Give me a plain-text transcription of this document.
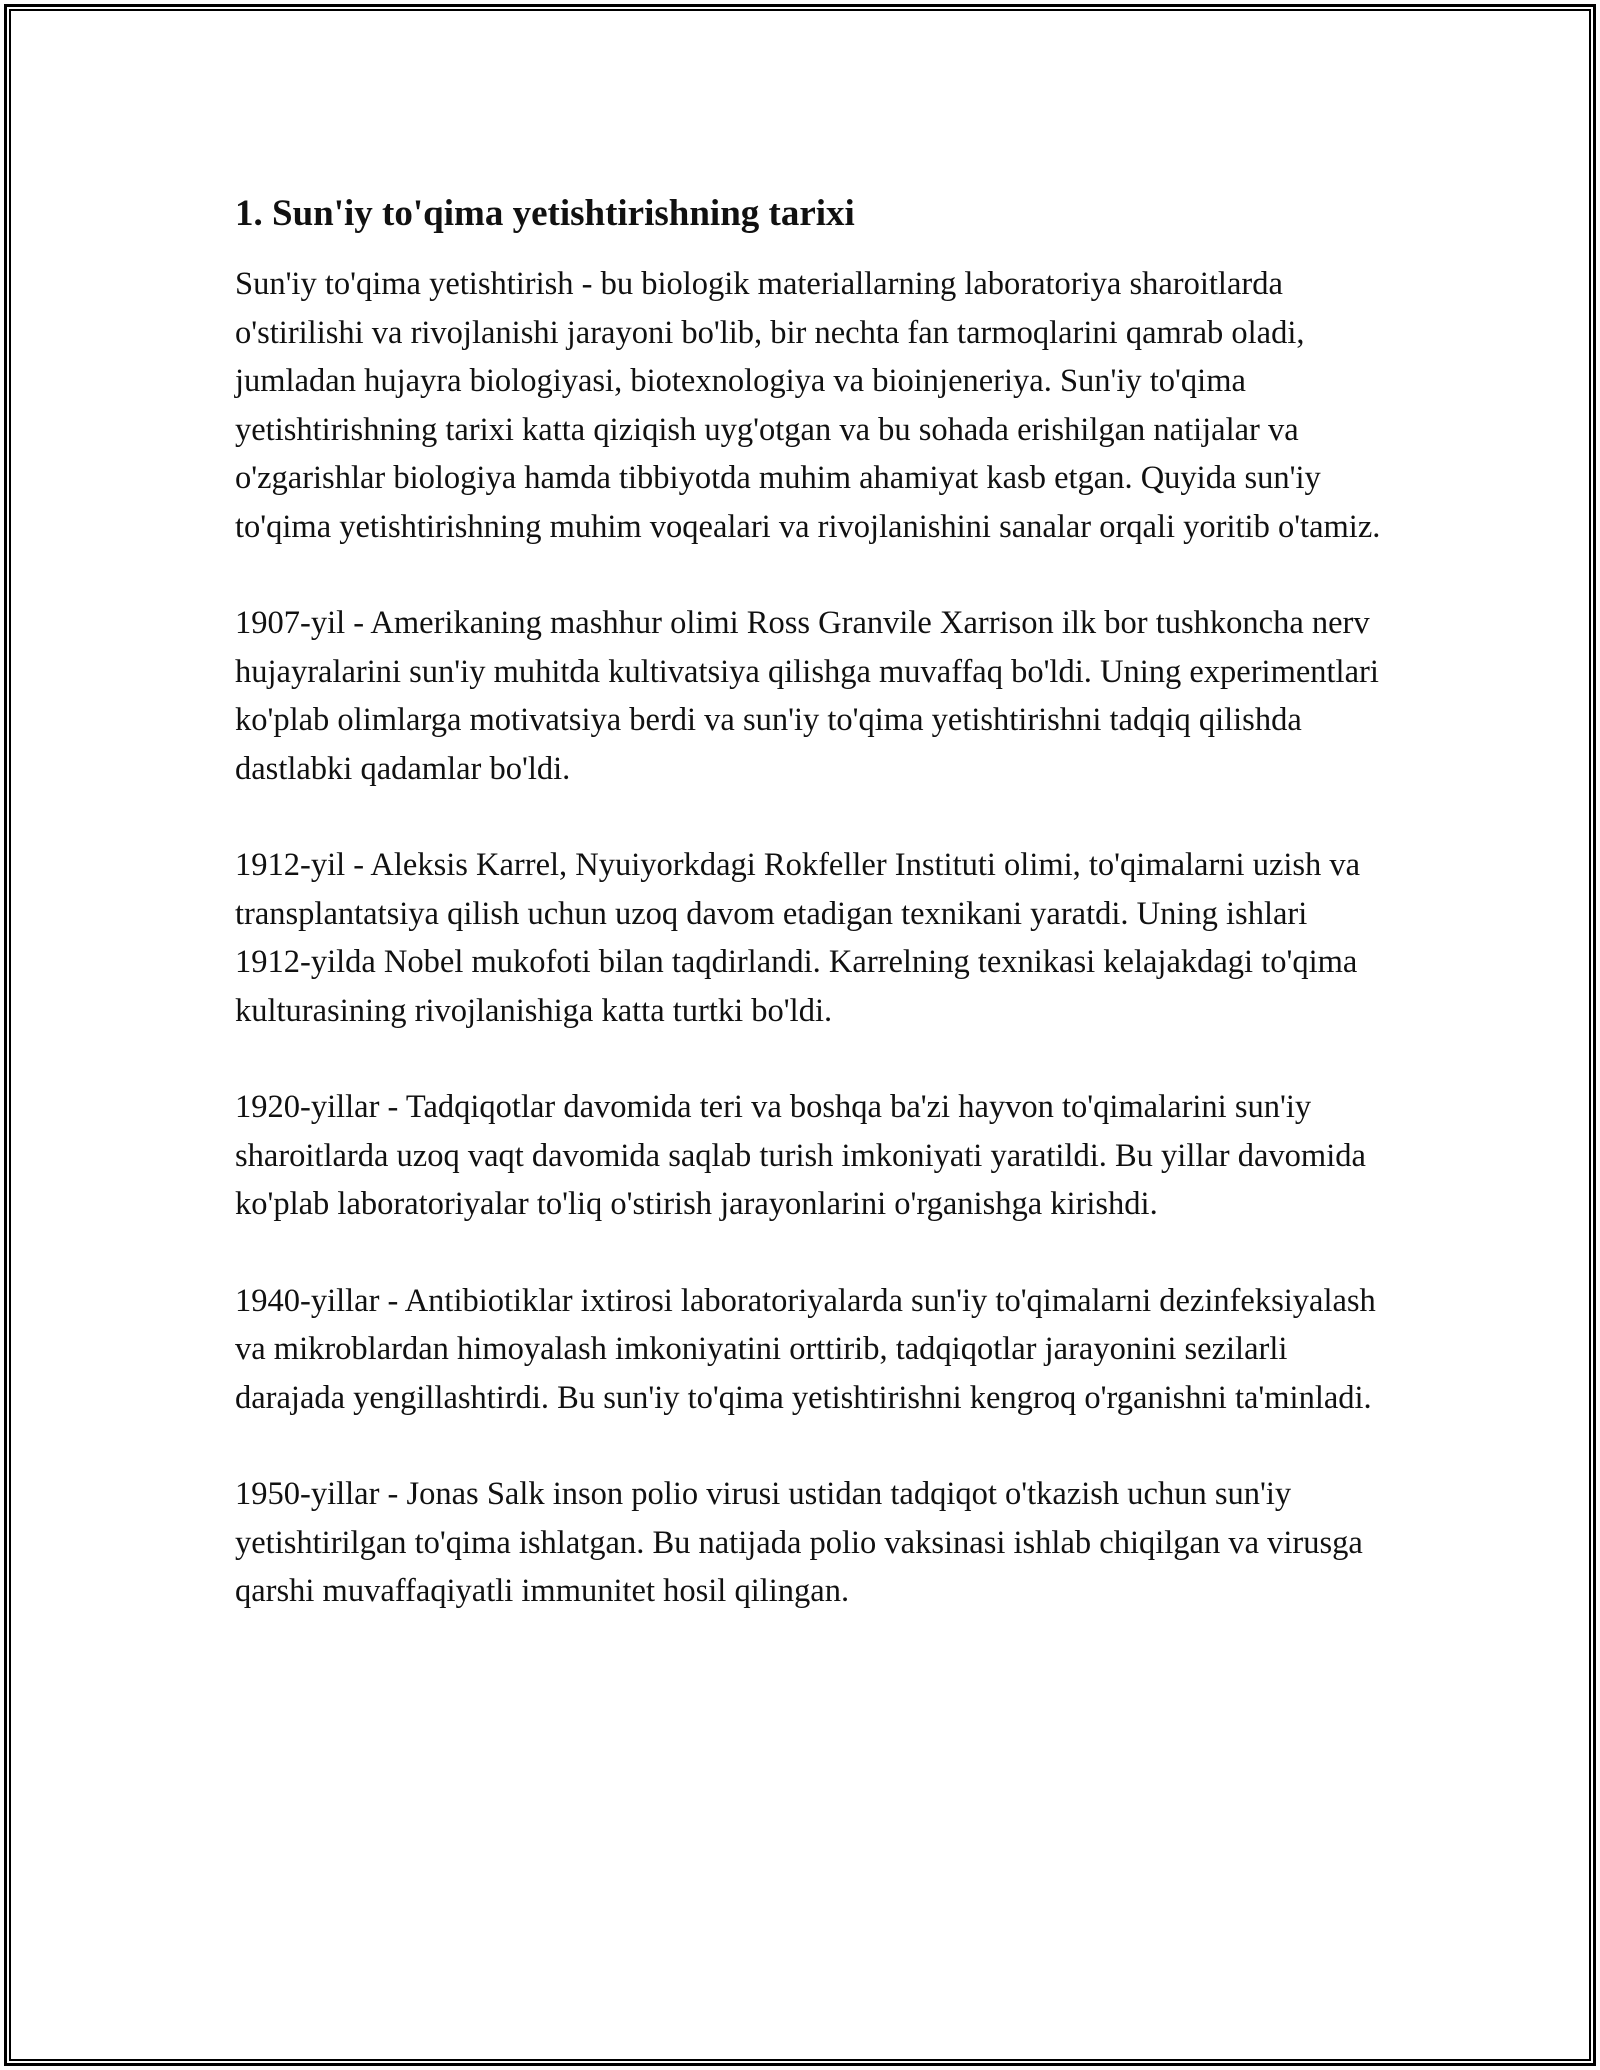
1. Sun'iy to'qima yetishtirishning tarixi

Sun'iy to'qima yetishtirish - bu biologik materiallarning laboratoriya sharoitlarda o'stirilishi va rivojlanishi jarayoni bo'lib, bir nechta fan tarmoqlarini qamrab oladi, jumladan hujayra biologiyasi, biotexnologiya va bioinjeneriya. Sun'iy to'qima yetishtirishning tarixi katta qiziqish uyg'otgan va bu sohada erishilgan natijalar va o'zgarishlar biologiya hamda tibbiyotda muhim ahamiyat kasb etgan. Quyida sun'iy to'qima yetishtirishning muhim voqealari va rivojlanishini sanalar orqali yoritib o'tamiz.

1907-yil - Amerikaning mashhur olimi Ross Granvile Xarrison ilk bor tushkoncha nerv hujayralarini sun'iy muhitda kultivatsiya qilishga muvaffaq bo'ldi. Uning experimentlari ko'plab olimlarga motivatsiya berdi va sun'iy to'qima yetishtirishni tadqiq qilishda dastlabki qadamlar bo'ldi.

1912-yil - Aleksis Karrel, Nyuiyorkdagi Rokfeller Instituti olimi, to'qimalarni uzish va transplantatsiya qilish uchun uzoq davom etadigan texnikani yaratdi. Uning ishlari 1912-yilda Nobel mukofoti bilan taqdirlandi. Karrelning texnikasi kelajakdagi to'qima kulturasining rivojlanishiga katta turtki bo'ldi.

1920-yillar - Tadqiqotlar davomida teri va boshqa ba'zi hayvon to'qimalarini sun'iy sharoitlarda uzoq vaqt davomida saqlab turish imkoniyati yaratildi. Bu yillar davomida ko'plab laboratoriyalar to'liq o'stirish jarayonlarini o'rganishga kirishdi.

1940-yillar - Antibiotiklar ixtirosi laboratoriyalarda sun'iy to'qimalarni dezinfeksiyalash va mikroblardan himoyalash imkoniyatini orttirib, tadqiqotlar jarayonini sezilarli darajada yengillashtirdi. Bu sun'iy to'qima yetishtirishni kengroq o'rganishni ta'minladi.

1950-yillar - Jonas Salk inson polio virusi ustidan tadqiqot o'tkazish uchun sun'iy yetishtirilgan to'qima ishlatgan. Bu natijada polio vaksinasi ishlab chiqilgan va virusga qarshi muvaffaqiyatli immunitet hosil qilingan.
